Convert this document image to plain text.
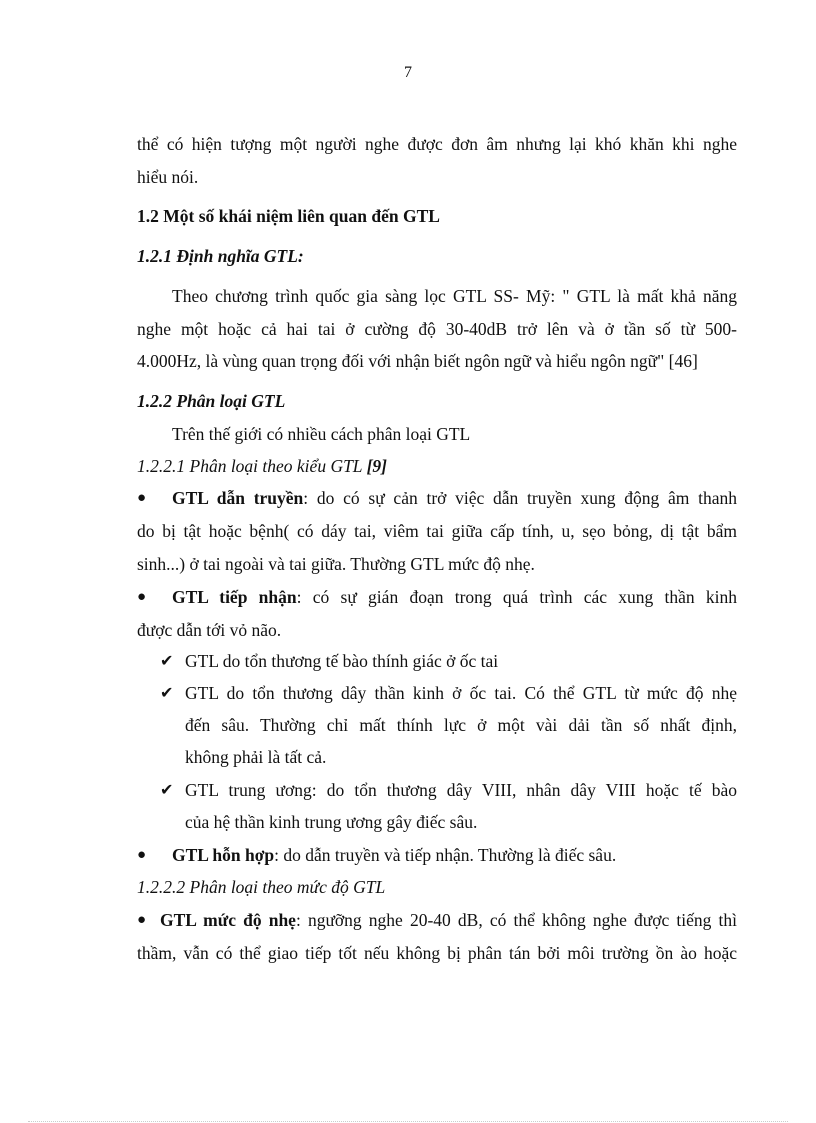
7
thể có hiện tượng một người nghe được đơn âm nhưng lại khó khăn khi nghe
hiểu nói.
1.2 Một số khái niệm liên quan đến GTL
1.2.1 Định nghĩa GTL:
Theo chương trình quốc gia sàng lọc GTL SS- Mỹ: " GTL là mất khả năng
nghe một hoặc cả hai tai ở cường độ 30-40dB trở lên và ở tần số từ 500-
4.000Hz, là vùng quan trọng đối với nhận biết ngôn ngữ và hiểu ngôn ngữ" [46]
1.2.2 Phân loại GTL
Trên thế giới có nhiều cách phân loại GTL
1.2.2.1 Phân loại theo kiểu GTL [9]
● GTL dẫn truyền: do có sự cản trở việc dẫn truyền xung động âm thanh
do bị tật hoặc bệnh( có dáy tai, viêm tai giữa cấp tính, u, sẹo bỏng, dị tật bẩm
sinh...) ở tai ngoài và tai giữa. Thường GTL mức độ nhẹ.
● GTL tiếp nhận: có sự gián đoạn trong quá trình các xung thần kinh
được dẫn tới vỏ não.
✔ GTL do tổn thương tế bào thính giác ở ốc tai
✔ GTL do tổn thương dây thần kinh ở ốc tai. Có thể GTL từ mức độ nhẹ
đến sâu. Thường chỉ mất thính lực ở một vài dải tần số nhất định,
không phải là tất cả.
✔ GTL trung ương: do tổn thương dây VIII, nhân dây VIII hoặc tế bào
của hệ thần kinh trung ương gây điếc sâu.
● GTL hỗn hợp: do dẫn truyền và tiếp nhận. Thường là điếc sâu.
1.2.2.2 Phân loại theo mức độ GTL
● GTL mức độ nhẹ: ngưỡng nghe 20-40 dB, có thể không nghe được tiếng thì
thầm, vẫn có thể giao tiếp tốt nếu không bị phân tán bởi môi trường ồn ào hoặc
